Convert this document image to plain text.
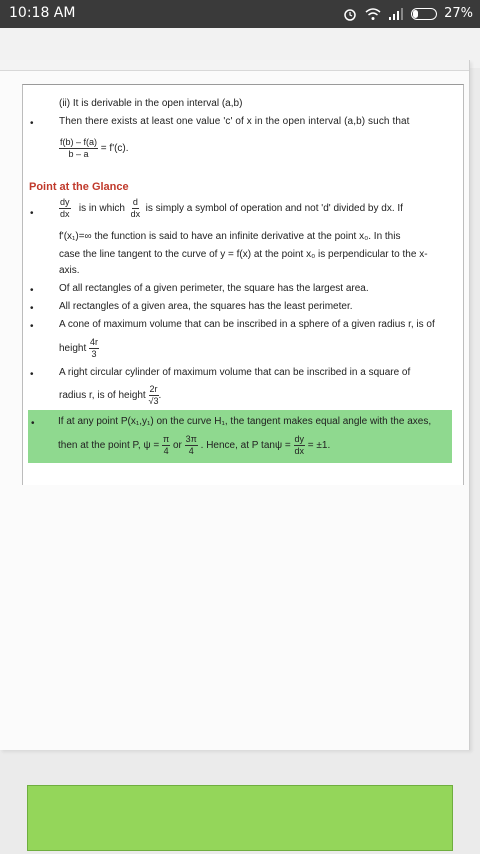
10:18 AM	27%
(ii) It is derivable in the open interval (a,b)
•	Then there exists at least one value 'c' of x in the open interval (a,b) such that
$\frac{f(b) - f(a)}{b - a} = f'(c)$.
Point at the Glance
•	$\frac{dy}{dx}$ is in which $\frac{d}{dx}$ is simply a symbol of operation and not 'd' divided by dx. If
f'(x₁)=∞ the function is said to have an infinite derivative at the point x₀. In this
case the line tangent to the curve of y = f(x) at the point x₀ is perpendicular to the x-
axis.
•	Of all rectangles of a given perimeter, the square has the largest area.
•	All rectangles of a given area, the squares has the least perimeter.
•	A cone of maximum volume that can be inscribed in a sphere of a given radius r, is of
height $\frac{4r}{3}$
•	A right circular cylinder of maximum volume that can be inscribed in a square of
radius r, is of height $\frac{2r}{√3}$ .
• If at any point P(x₁,y₁) on the curve H₁, the tangent makes equal angle with the axes,
then at the point P, $\psi = \frac{\pi}{4}$ or $\frac{3\pi}{4}$ . Hence, at P $\tan\psi = \frac{dy}{dx} = \pm 1$.
